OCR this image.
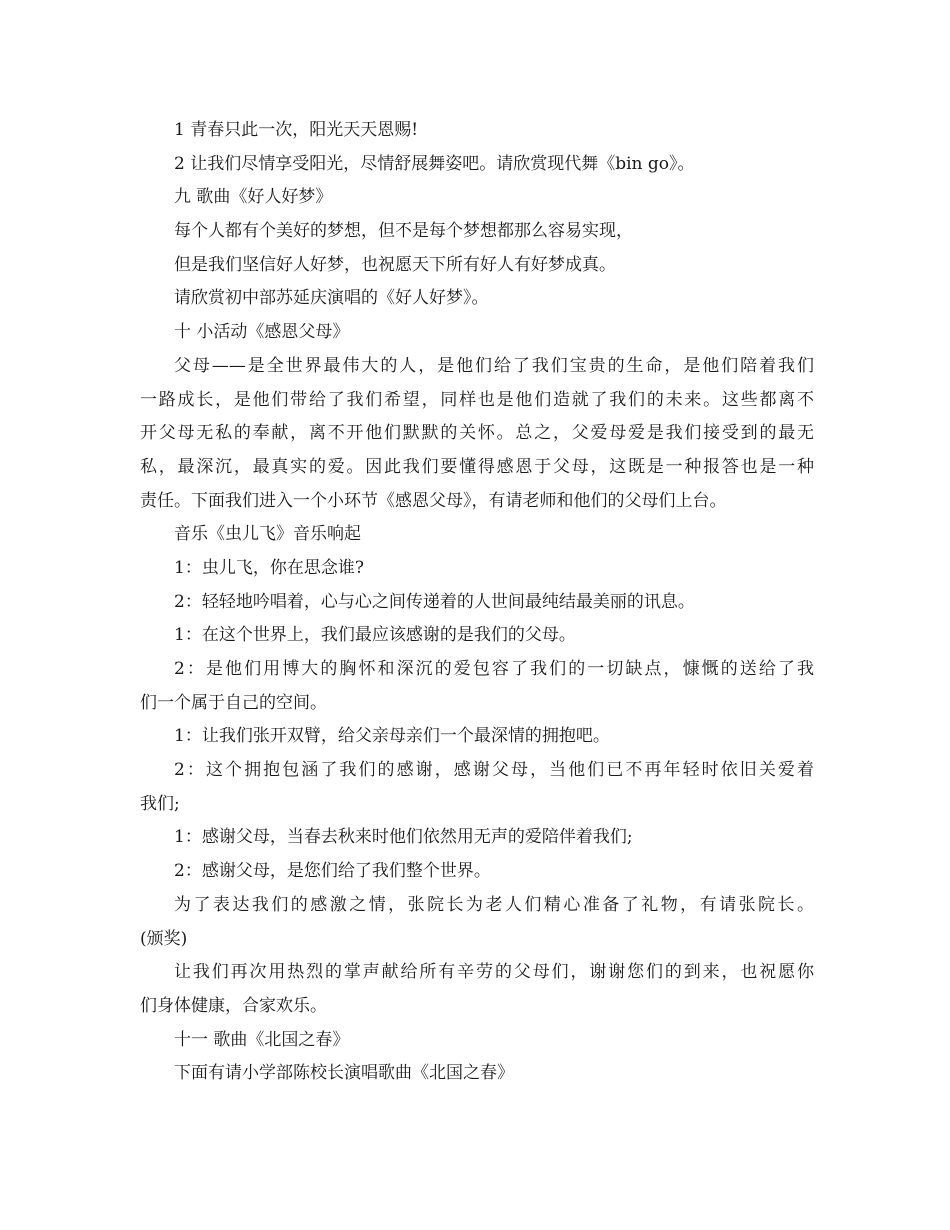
1 青春只此一次，阳光天天恩赐!
2 让我们尽情享受阳光，尽情舒展舞姿吧。请欣赏现代舞《bin go》。
九 歌曲《好人好梦》
每个人都有个美好的梦想，但不是每个梦想都那么容易实现，
但是我们坚信好人好梦，也祝愿天下所有好人有好梦成真。
请欣赏初中部苏延庆演唱的《好人好梦》。
十 小活动《感恩父母》
父母——是全世界最伟大的人，是他们给了我们宝贵的生命，是他们陪着我们
一路成长，是他们带给了我们希望，同样也是他们造就了我们的未来。这些都离不
开父母无私的奉献，离不开他们默默的关怀。总之，父爱母爱是我们接受到的最无
私，最深沉，最真实的爱。因此我们要懂得感恩于父母，这既是一种报答也是一种
责任。下面我们进入一个小环节《感恩父母》，有请老师和他们的父母们上台。
音乐《虫儿飞》音乐响起
1：虫儿飞，你在思念谁?
2：轻轻地吟唱着，心与心之间传递着的人世间最纯结最美丽的讯息。
1：在这个世界上，我们最应该感谢的是我们的父母。
2：是他们用博大的胸怀和深沉的爱包容了我们的一切缺点，慷慨的送给了我
们一个属于自己的空间。
1：让我们张开双臂，给父亲母亲们一个最深情的拥抱吧。
2：这个拥抱包涵了我们的感谢，感谢父母，当他们已不再年轻时依旧关爱着
我们;
1：感谢父母，当春去秋来时他们依然用无声的爱陪伴着我们;
2：感谢父母，是您们给了我们整个世界。
为了表达我们的感激之情，张院长为老人们精心准备了礼物，有请张院长。
(颁奖)
让我们再次用热烈的掌声献给所有辛劳的父母们，谢谢您们的到来，也祝愿你
们身体健康，合家欢乐。
十一 歌曲《北国之春》
下面有请小学部陈校长演唱歌曲《北国之春》
